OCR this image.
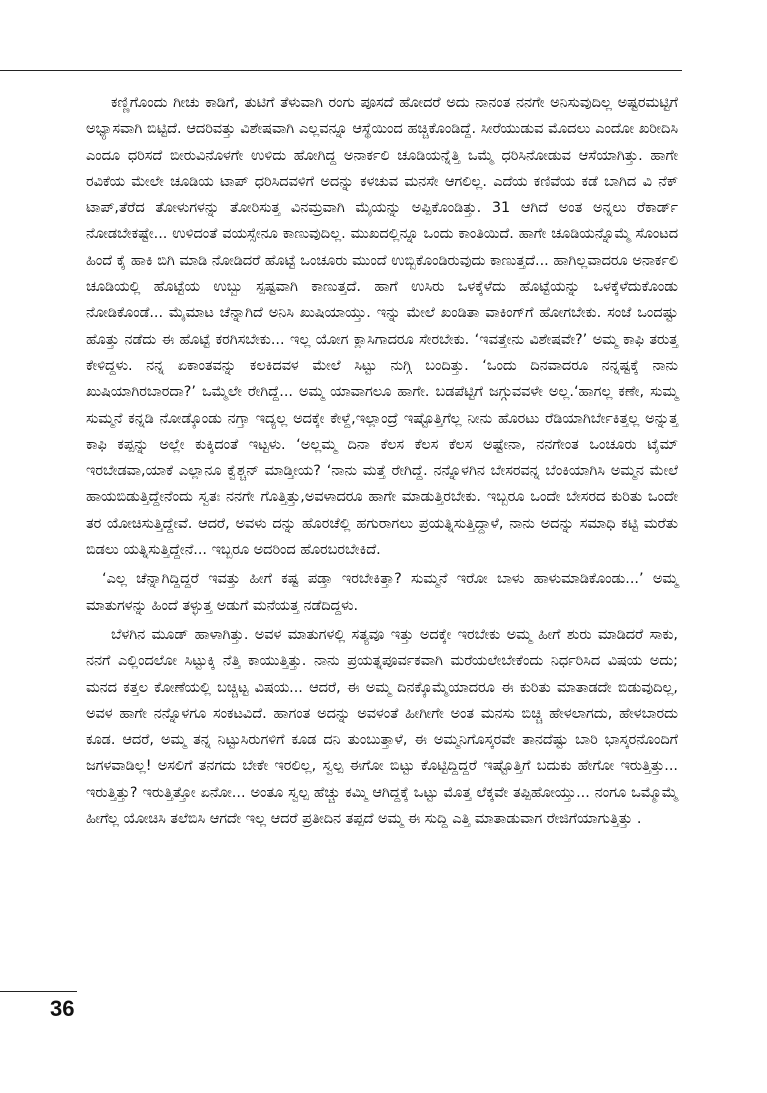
ಕಣ್ಣಿಗೊಂದು ಗೀಚು ಕಾಡಿಗೆ, ತುಟಿಗೆ ತೆಳುವಾಗಿ ರಂಗು ಪೂಸದೆ ಹೋದರೆ ಅದು ನಾನಂತ ನನಗೇ ಅನಿಸುವುದಿಲ್ಲ ಅಷ್ಟರಮಟ್ಟಿಗೆ ಅಭ್ಯಾಸವಾಗಿ ಬಿಟ್ಟಿದೆ. ಆದರಿವತ್ತು ವಿಶೇಷವಾಗಿ ಎಲ್ಲವನ್ನೂ ಆಸ್ಥೆಯಿಂದ ಹಚ್ಚಿಕೊಂಡಿದ್ದೆ. ಸೀರೆಯುಡುವ ಮೊದಲು ಎಂದೋ ಖರೀದಿಸಿ ಎಂದೂ ಧರಿಸದೆ ಬೀರುವಿನೊಳಗೇ ಉಳಿದು ಹೋಗಿದ್ದ ಅನಾರ್ಕಲಿ ಚೂಡಿಯನ್ನೆತ್ತಿ ಒಮ್ಮೆ ಧರಿಸಿನೋಡುವ ಆಸೆಯಾಗಿತ್ತು. ಹಾಗೇ ರವಿಕೆಯ ಮೇಲೇ ಚೂಡಿಯ ಟಾಪ್ ಧರಿಸಿದವಳಿಗೆ ಅದನ್ನು ಕಳಚುವ ಮನಸೇ ಆಗಲಿಲ್ಲ. ಎದೆಯ ಕಣಿವೆಯ ಕಡೆ ಬಾಗಿದ ವಿ ನೆಕ್ ಟಾಪ್,ತೆರೆದ ತೋಳುಗಳನ್ನು ತೋರಿಸುತ್ತ ವಿನಮ್ರವಾಗಿ ಮೈಯನ್ನು ಅಪ್ಪಿಕೊಂಡಿತ್ತು. 31 ಆಗಿದೆ ಅಂತ ಅನ್ನಲು ರೆಕಾರ್ಡ್ ನೋಡಬೇಕಷ್ಟೇ... ಉಳಿದಂತೆ ವಯಸ್ಸೇನೂ ಕಾಣುವುದಿಲ್ಲ. ಮುಖದಲ್ಲಿನ್ನೂ ಒಂದು ಕಾಂತಿಯಿದೆ. ಹಾಗೇ ಚೂಡಿಯನ್ನೊಮ್ಮೆ ಸೊಂಟದ ಹಿಂದೆ ಕೈ ಹಾಕಿ ಬಿಗಿ ಮಾಡಿ ನೋಡಿದರೆ ಹೊಟ್ಟೆ ಒಂಚೂರು ಮುಂದೆ ಉಬ್ಬಿಕೊಂಡಿರುವುದು ಕಾಣುತ್ತದೆ... ಹಾಗಿಲ್ಲವಾದರೂ ಅನಾರ್ಕಲಿ ಚೂಡಿಯಲ್ಲಿ ಹೊಟ್ಟೆಯ ಉಬ್ಬು ಸ್ಪಷ್ಟವಾಗಿ ಕಾಣುತ್ತದೆ. ಹಾಗೆ ಉಸಿರು ಒಳಕ್ಕೆಳೆದು ಹೊಟ್ಟೆಯನ್ನು ಒಳಕ್ಕೆಳೆದುಕೊಂಡು ನೋಡಿಕೊಂಡೆ... ಮೈಮಾಟ ಚೆನ್ನಾಗಿದೆ ಅನಿಸಿ ಖುಷಿಯಾಯ್ತು. ಇನ್ನು ಮೇಲೆ ಖಂಡಿತಾ ವಾಕಿಂಗ್‌ಗೆ ಹೋಗಬೇಕು. ಸಂಜೆ ಒಂದಷ್ಟು ಹೊತ್ತು ನಡೆದು ಈ ಹೊಟ್ಟೆ ಕರಗಿಸಬೇಕು... ಇಲ್ಲ ಯೋಗ ಕ್ಲಾಸಿಗಾದರೂ ಸೇರಬೇಕು. ‘ಇವತ್ತೇನು ವಿಶೇಷವೇ?’ ಅಮ್ಮ ಕಾಫಿ ತರುತ್ತ ಕೇಳಿದ್ದಳು. ನನ್ನ ಏಕಾಂತವನ್ನು ಕಲಕಿದವಳ ಮೇಲೆ ಸಿಟ್ಟು ನುಗ್ಗಿ ಬಂದಿತ್ತು. ‘ಒಂದು ದಿನವಾದರೂ ನನ್ನಷ್ಟಕ್ಕೆ ನಾನು ಖುಷಿಯಾಗಿರಬಾರದಾ?’ ಒಮ್ಮೆಲೇ ರೇಗಿದ್ದೆ... ಅಮ್ಮ ಯಾವಾಗಲೂ ಹಾಗೇ. ಬಡಪೆಟ್ಟಿಗೆ ಜಗ್ಗುವವಳೇ ಅಲ್ಲ.‘ಹಾಗಲ್ಲ ಕಣೇ, ಸುಮ್ಮ ಸುಮ್ಮನೆ ಕನ್ನಡಿ ನೋಡ್ಕೊಂಡು ನಗ್ತಾ ಇದ್ಯಲ್ಲ ಅದಕ್ಕೇ ಕೇಳ್ದೆ,ಇಲ್ಲಾಂದ್ರೆ ಇಷ್ಟೊತ್ತಿಗೆಲ್ಲ ನೀನು ಹೊರಟು ರೆಡಿಯಾಗಿರ್ಬೇಕಿತ್ತಲ್ಲ ಅನ್ನುತ್ತ ಕಾಫಿ ಕಪ್ಪನ್ನು ಅಲ್ಲೇ ಕುಕ್ಕಿದಂತೆ ಇಟ್ಟಳು. ‘ಅಲ್ಲಮ್ಮ ದಿನಾ ಕೆಲಸ ಕೆಲಸ ಕೆಲಸ ಅಷ್ಟೇನಾ, ನನಗೇಂತ ಒಂಚೂರು ಟೈಮ್ ಇರಬೇಡವಾ,ಯಾಕೆ ಎಲ್ಲಾನೂ ಕ್ವೆಶ್ಚನ್ ಮಾಡ್ತೀಯ? ‘ನಾನು ಮತ್ತೆ ರೇಗಿದ್ದೆ. ನನ್ನೊಳಗಿನ ಬೇಸರವನ್ನ ಬೆಂಕಿಯಾಗಿಸಿ ಅಮ್ಮನ ಮೇಲೆ ಹಾಯಬಿಡುತ್ತಿದ್ದೇನೆಂದು ಸ್ವತಃ ನನಗೇ ಗೊತ್ತಿತ್ತು,ಅವಳಾದರೂ ಹಾಗೇ ಮಾಡುತ್ತಿರಬೇಕು. ಇಬ್ಬರೂ ಒಂದೇ ಬೇಸರದ ಕುರಿತು ಒಂದೇ ತರ ಯೋಚಿಸುತ್ತಿದ್ದೇವೆ. ಆದರೆ, ಅವಳು ದನ್ನು ಹೊರಚೆಲ್ಲಿ ಹಗುರಾಗಲು ಪ್ರಯತ್ನಿಸುತ್ತಿದ್ದಾಳೆ, ನಾನು ಅದನ್ನು ಸಮಾಧಿ ಕಟ್ಟಿ ಮರೆತು ಬಿಡಲು ಯತ್ನಿಸುತ್ತಿದ್ದೇನೆ... ಇಬ್ಬರೂ ಅದರಿಂದ ಹೊರಬರಬೇಕಿದೆ.

‘ಎಲ್ಲ ಚೆನ್ನಾಗಿದ್ದಿದ್ದರೆ ಇವತ್ತು ಹೀಗೆ ಕಷ್ಟ ಪಡ್ತಾ ಇರಬೇಕಿತ್ತಾ? ಸುಮ್ಮನೆ ಇರೋ ಬಾಳು ಹಾಳುಮಾಡಿಕೊಂಡು...’ ಅಮ್ಮ ಮಾತುಗಳನ್ನು ಹಿಂದೆ ತಳ್ಳುತ್ತ ಅಡುಗೆ ಮನೆಯತ್ತ ನಡೆದಿದ್ದಳು.

ಬೆಳಗಿನ ಮೂಡ್ ಹಾಳಾಗಿತ್ತು. ಅವಳ ಮಾತುಗಳಲ್ಲಿ ಸತ್ಯವೂ ಇತ್ತು ಅದಕ್ಕೇ ಇರಬೇಕು ಅಮ್ಮ ಹೀಗೆ ಶುರು ಮಾಡಿದರೆ ಸಾಕು, ನನಗೆ ಎಲ್ಲಿಂದಲೋ ಸಿಟ್ಟುಕ್ಕಿ ನೆತ್ತಿ ಕಾಯುತ್ತಿತ್ತು. ನಾನು ಪ್ರಯತ್ನಪೂರ್ವಕವಾಗಿ ಮರೆಯಲೇಬೇಕೆಂದು ನಿರ್ಧರಿಸಿದ ವಿಷಯ ಅದು; ಮನದ ಕತ್ತಲ ಕೋಣೆಯಲ್ಲಿ ಬಚ್ಚಿಟ್ಟ ವಿಷಯ... ಆದರೆ, ಈ ಅಮ್ಮ ದಿನಕ್ಕೊಮ್ಮೆಯಾದರೂ ಈ ಕುರಿತು ಮಾತಾಡದೇ ಬಿಡುವುದಿಲ್ಲ, ಅವಳ ಹಾಗೇ ನನ್ನೊಳಗೂ ಸಂಕಟವಿದೆ. ಹಾಗಂತ ಅದನ್ನು ಅವಳಂತೆ ಹೀಗೀಗೇ ಅಂತ ಮನಸು ಬಿಚ್ಚಿ ಹೇಳಲಾಗದು, ಹೇಳಬಾರದು ಕೂಡ. ಆದರೆ, ಅಮ್ಮ ತನ್ನ ನಿಟ್ಟುಸಿರುಗಳಿಗೆ ಕೂಡ ದನಿ ತುಂಬುತ್ತಾಳೆ, ಈ ಅಮ್ಮನಿಗೊಸ್ಕರವೇ ತಾನದೆಷ್ಟು ಬಾರಿ ಭಾಸ್ಕರನೊಂದಿಗೆ ಜಗಳವಾಡಿಲ್ಲ! ಅಸಲಿಗೆ ತನಗದು ಬೇಕೇ ಇರಲಿಲ್ಲ, ಸ್ವಲ್ಪ ಈಗೋ ಬಿಟ್ಟು ಕೊಟ್ಟಿದ್ದಿದ್ದರೆ ಇಷ್ಟೊತ್ತಿಗೆ ಬದುಕು ಹೇಗೋ ಇರುತ್ತಿತ್ತು... ಇರುತ್ತಿತ್ತು? ಇರುತ್ತಿತ್ತೋ ಏನೋ... ಅಂತೂ ಸ್ವಲ್ಪ ಹೆಚ್ಚು ಕಮ್ಮಿ ಆಗಿದ್ದಕ್ಕೆ ಒಟ್ಟು ಮೊತ್ತ ಲೆಕ್ಕವೇ ತಪ್ಪಿಹೋಯ್ತು... ನಂಗೂ ಒಮ್ಮೊಮ್ಮೆ ಹೀಗೆಲ್ಲ ಯೋಚಿಸಿ ತಲೆಬಿಸಿ ಆಗದೇ ಇಲ್ಲ ಆದರೆ ಪ್ರತೀದಿನ ತಪ್ಪದೆ ಅಮ್ಮ ಈ ಸುದ್ದಿ ಎತ್ತಿ ಮಾತಾಡುವಾಗ ರೇಜಿಗೆಯಾಗುತ್ತಿತ್ತು .

36
